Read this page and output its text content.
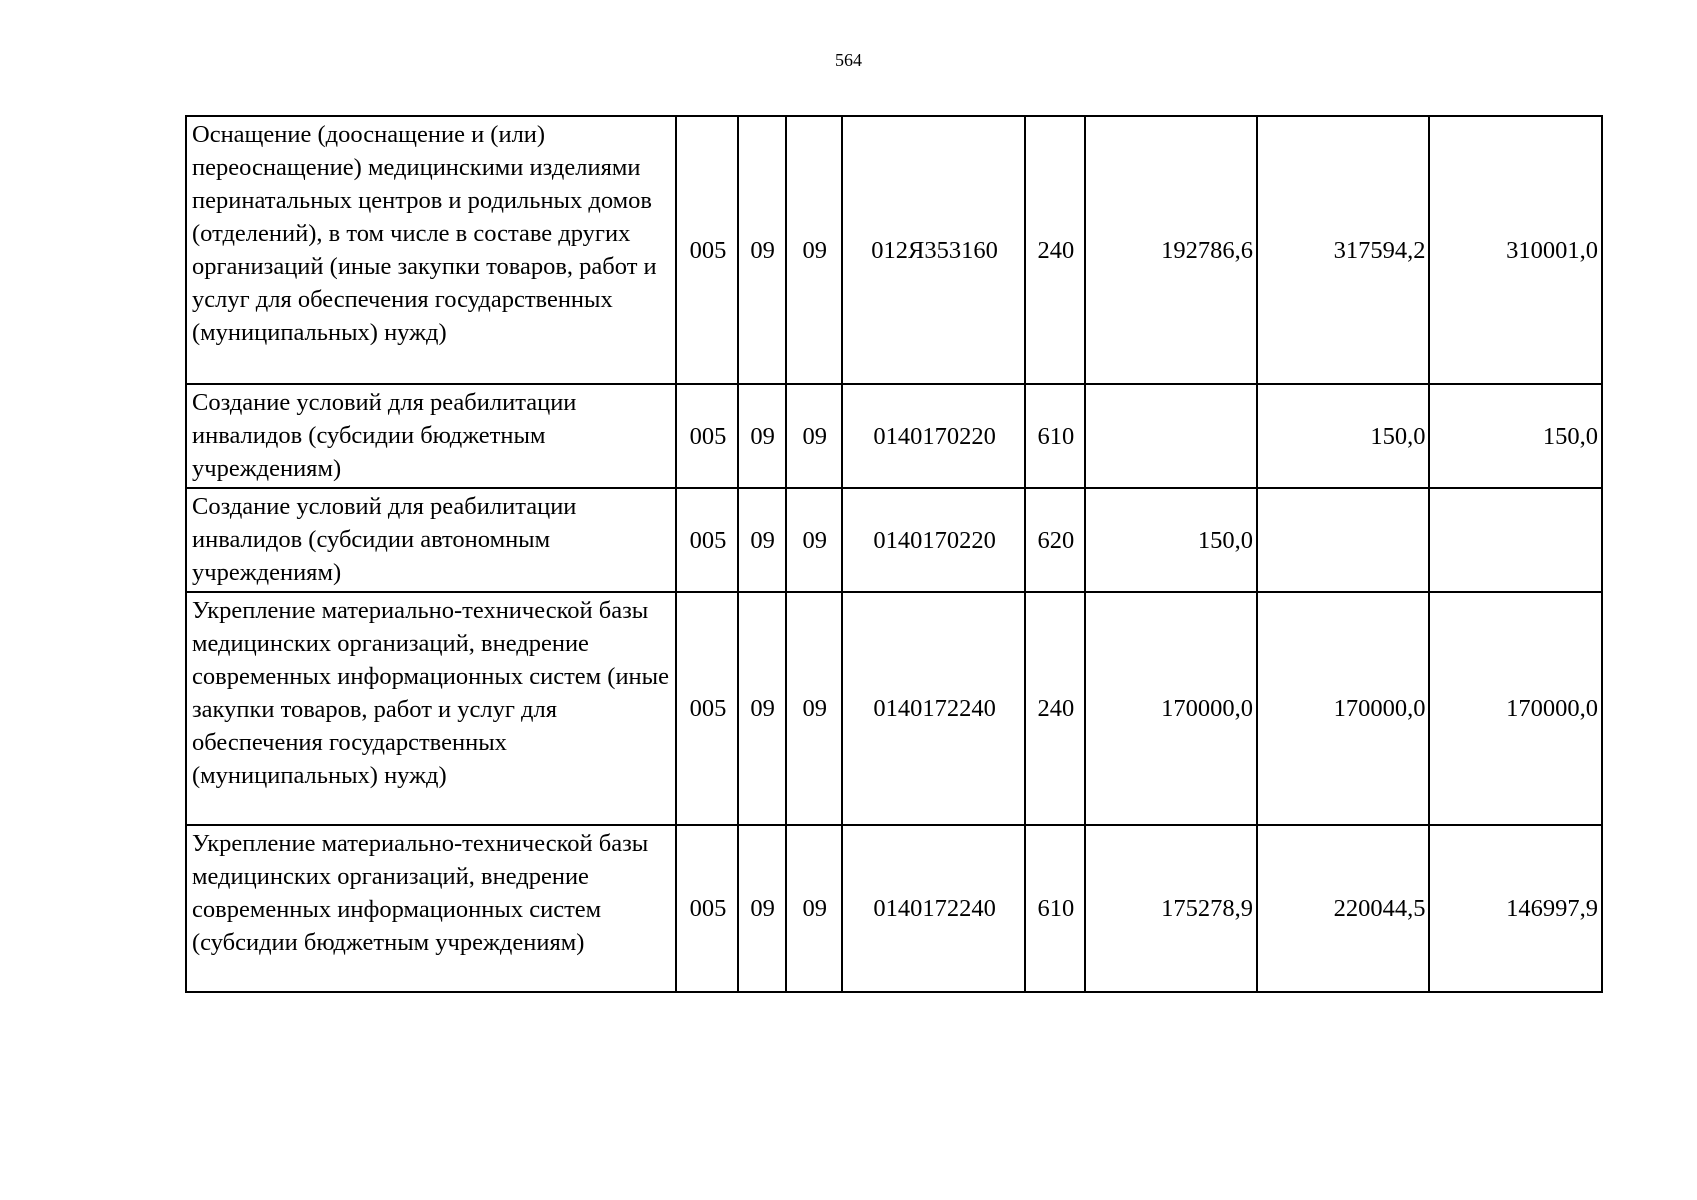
564
Оснащение (дооснащение и (или) переоснащение) медицинскими изделиями перинатальных центров и родильных домов (отделений), в том числе в составе других организаций (иные закупки товаров, работ и услуг для обеспечения государственных (муниципальных) нужд)	005	09	09	012Я353160	240	192786,6	317594,2	310001,0
Создание условий для реабилитации инвалидов (субсидии бюджетным учреждениям)	005	09	09	0140170220	610		150,0	150,0
Создание условий для реабилитации инвалидов (субсидии автономным учреждениям)	005	09	09	0140170220	620	150,0		
Укрепление материально-технической базы медицинских организаций, внедрение современных информационных систем (иные закупки товаров, работ и услуг для обеспечения государственных (муниципальных) нужд)	005	09	09	0140172240	240	170000,0	170000,0	170000,0
Укрепление материально-технической базы медицинских организаций, внедрение современных информационных систем (субсидии бюджетным учреждениям)	005	09	09	0140172240	610	175278,9	220044,5	146997,9
